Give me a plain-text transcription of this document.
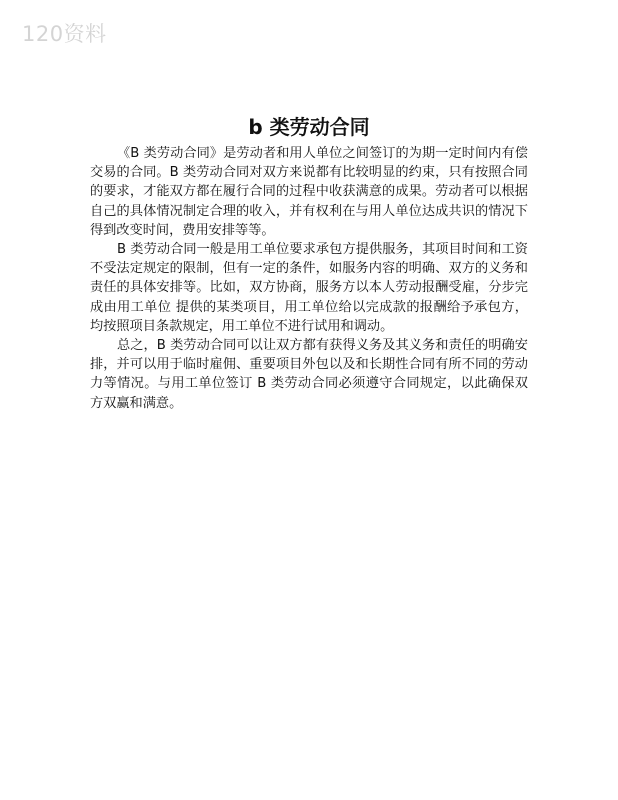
120资料
b 类劳动合同

《B 类劳动合同》是劳动者和用人单位之间签订的为期一定时间内有偿交易的合同。B 类劳动合同对双方来说都有比较明显的约束，只有按照合同的要求，才能双方都在履行合同的过程中收获满意的成果。劳动者可以根据自己的具体情况制定合理的收入，并有权利在与用人单位达成共识的情况下得到改变时间，费用安排等等。

B 类劳动合同一般是用工单位要求承包方提供服务，其项目时间和工资不受法定规定的限制，但有一定的条件，如服务内容的明确、双方的义务和责任的具体安排等。比如，双方协商，服务方以本人劳动报酬受雇，分步完成由用工单位 提供的某类项目，用工单位给以完成款的报酬给予承包方，均按照项目条款规定，用工单位不进行试用和调动。

总之，B 类劳动合同可以让双方都有获得义务及其义务和责任的明确安排，并可以用于临时雇佣、重要项目外包以及和长期性合同有所不同的劳动力等情况。与用工单位签订 B 类劳动合同必须遵守合同规定，以此确保双方双赢和满意。
